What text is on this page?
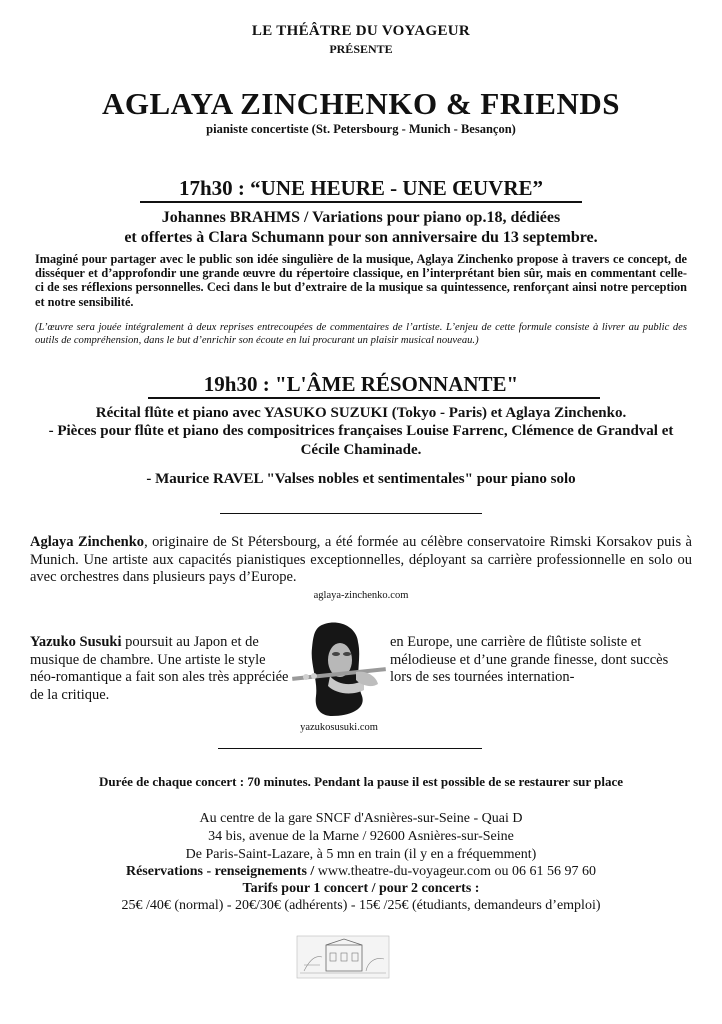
LE THÉÂTRE DU VOYAGEUR
PRÉSENTE
AGLAYA ZINCHENKO & FRIENDS
pianiste concertiste (St. Petersbourg - Munich - Besançon)
17h30 : “UNE HEURE - UNE ŒUVRE”
Johannes BRAHMS / Variations pour piano op.18, dédiées
et offertes à Clara Schumann pour son anniversaire du 13 septembre.
Imaginé pour partager avec le public son idée singulière de la musique, Aglaya Zinchenko propose à travers ce concept, de disséquer et d’approfondir une grande œuvre du répertoire classique, en l’interprétant bien sûr, mais en commentant celle-ci de ses réflexions personnelles. Ceci dans le but d’extraire de la musique sa quintessence, renforçant ainsi notre perception et notre sensibilité.
(L’œuvre sera jouée intégralement à deux reprises entrecoupées de commentaires de l’artiste. L’enjeu de cette formule consiste à livrer au public des outils de compréhension, dans le but d’enrichir son écoute en lui procurant un plaisir musical nouveau.)
19h30 : "L'ÂME RÉSONNANTE"
Récital flûte et piano avec YASUKO SUZUKI (Tokyo - Paris) et Aglaya Zinchenko.
- Pièces pour flûte et piano des compositrices françaises Louise Farrenc, Clémence de Grandval et Cécile Chaminade.
- Maurice RAVEL "Valses nobles et sentimentales" pour piano solo
Aglaya Zinchenko, originaire de St Pétersbourg, a été formée au célèbre conservatoire Rimski Korsakov puis à Munich. Une artiste aux capacités pianistiques exceptionnelles, déployant sa carrière professionnelle en solo ou avec orchestres dans plusieurs pays d’Europe.
aglaya-zinchenko.com
Yazuko Susuki poursuit au Japon et de musique de chambre. Une artiste le style néo-romantique a fait son ales très appréciée de la critique.
en Europe, une carrière de flûtiste soliste et mélodieuse et d’une grande finesse, dont succès lors de ses tournées internation-
yazukosusuki.com
Durée de chaque concert : 70 minutes. Pendant la pause il est possible de se restaurer sur place
Au centre de la gare SNCF d'Asnières-sur-Seine - Quai D
34 bis, avenue de la Marne / 92600 Asnières-sur-Seine
De Paris-Saint-Lazare, à 5 mn en train (il y en a fréquemment)
Réservations - renseignements / www.theatre-du-voyageur.com ou 06 61 56 97 60
Tarifs pour 1 concert / pour 2 concerts :
25€ /40€ (normal) - 20€/30€ (adhérents) - 15€ /25€ (étudiants, demandeurs d’emploi)
